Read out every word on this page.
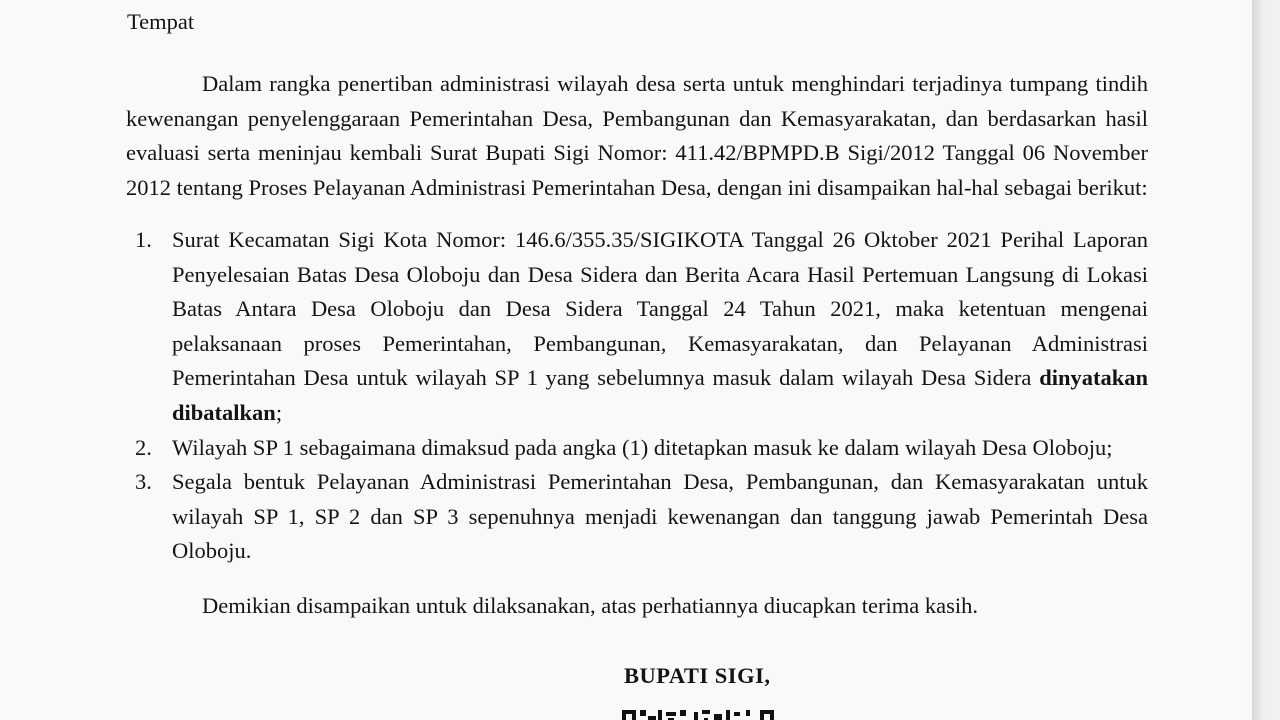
Tempat

Dalam rangka penertiban administrasi wilayah desa serta untuk menghindari terjadinya tumpang tindih kewenangan penyelenggaraan Pemerintahan Desa, Pembangunan dan Kemasyarakatan, dan berdasarkan hasil evaluasi serta meninjau kembali Surat Bupati Sigi Nomor: 411.42/BPMPD.B Sigi/2012 Tanggal 06 November 2012 tentang Proses Pelayanan Administrasi Pemerintahan Desa, dengan ini disampaikan hal-hal sebagai berikut:

1. Surat Kecamatan Sigi Kota Nomor: 146.6/355.35/SIGIKOTA Tanggal 26 Oktober 2021 Perihal Laporan Penyelesaian Batas Desa Oloboju dan Desa Sidera dan Berita Acara Hasil Pertemuan Langsung di Lokasi Batas Antara Desa Oloboju dan Desa Sidera Tanggal 24 Tahun 2021, maka ketentuan mengenai pelaksanaan proses Pemerintahan, Pembangunan, Kemasyarakatan, dan Pelayanan Administrasi Pemerintahan Desa untuk wilayah SP 1 yang sebelumnya masuk dalam wilayah Desa Sidera dinyatakan dibatalkan;
2. Wilayah SP 1 sebagaimana dimaksud pada angka (1) ditetapkan masuk ke dalam wilayah Desa Oloboju;
3. Segala bentuk Pelayanan Administrasi Pemerintahan Desa, Pembangunan, dan Kemasyarakatan untuk wilayah SP 1, SP 2 dan SP 3 sepenuhnya menjadi kewenangan dan tanggung jawab Pemerintah Desa Oloboju.

Demikian disampaikan untuk dilaksanakan, atas perhatiannya diucapkan terima kasih.

BUPATI SIGI,
